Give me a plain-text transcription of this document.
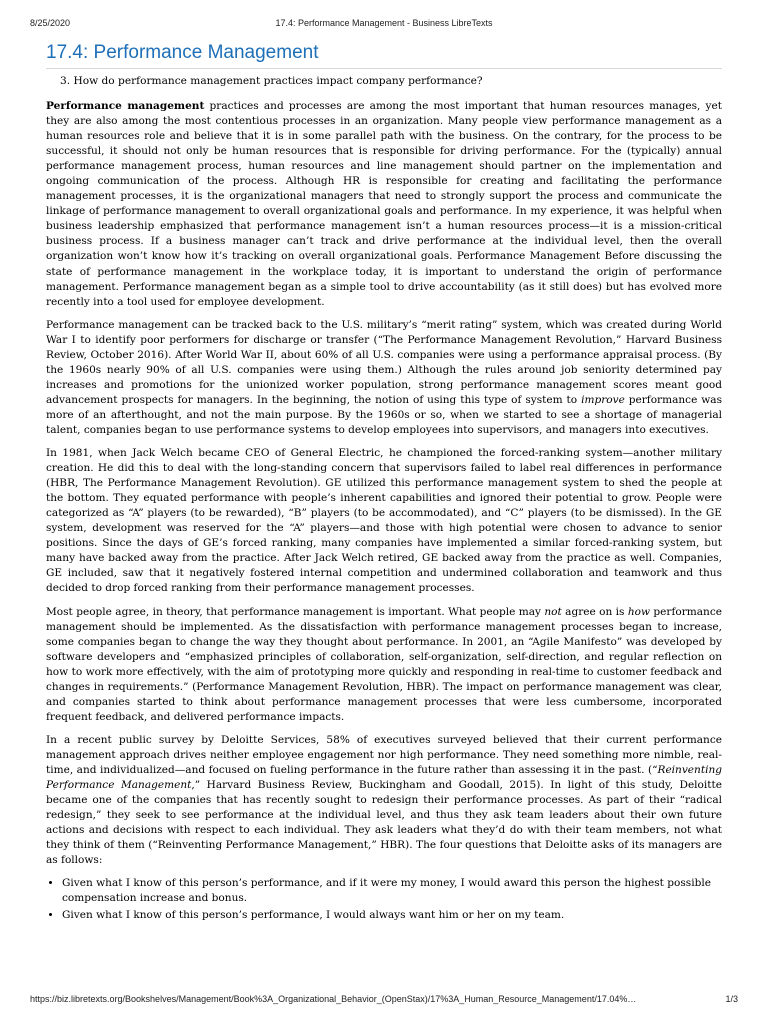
8/25/2020	17.4: Performance Management - Business LibreTexts
17.4: Performance Management
3. How do performance management practices impact company performance?

Performance management practices and processes are among the most important that human resources manages, yet they are also among the most contentious processes in an organization. Many people view performance management as a human resources role and believe that it is in some parallel path with the business. On the contrary, for the process to be successful, it should not only be human resources that is responsible for driving performance. For the (typically) annual performance management process, human resources and line management should partner on the implementation and ongoing communication of the process. Although HR is responsible for creating and facilitating the performance management processes, it is the organizational managers that need to strongly support the process and communicate the linkage of performance management to overall organizational goals and performance. In my experience, it was helpful when business leadership emphasized that performance management isn’t a human resources process—it is a mission-critical business process. If a business manager can’t track and drive performance at the individual level, then the overall organization won’t know how it’s tracking on overall organizational goals. Performance Management Before discussing the state of performance management in the workplace today, it is important to understand the origin of performance management. Performance management began as a simple tool to drive accountability (as it still does) but has evolved more recently into a tool used for employee development.

Performance management can be tracked back to the U.S. military’s “merit rating” system, which was created during World War I to identify poor performers for discharge or transfer (“The Performance Management Revolution,” Harvard Business Review, October 2016). After World War II, about 60% of all U.S. companies were using a performance appraisal process. (By the 1960s nearly 90% of all U.S. companies were using them.) Although the rules around job seniority determined pay increases and promotions for the unionized worker population, strong performance management scores meant good advancement prospects for managers. In the beginning, the notion of using this type of system to improve performance was more of an afterthought, and not the main purpose. By the 1960s or so, when we started to see a shortage of managerial talent, companies began to use performance systems to develop employees into supervisors, and managers into executives.

In 1981, when Jack Welch became CEO of General Electric, he championed the forced-ranking system—another military creation. He did this to deal with the long-standing concern that supervisors failed to label real differences in performance (HBR, The Performance Management Revolution). GE utilized this performance management system to shed the people at the bottom. They equated performance with people’s inherent capabilities and ignored their potential to grow. People were categorized as “A” players (to be rewarded), “B” players (to be accommodated), and “C” players (to be dismissed). In the GE system, development was reserved for the “A” players—and those with high potential were chosen to advance to senior positions. Since the days of GE’s forced ranking, many companies have implemented a similar forced-ranking system, but many have backed away from the practice. After Jack Welch retired, GE backed away from the practice as well. Companies, GE included, saw that it negatively fostered internal competition and undermined collaboration and teamwork and thus decided to drop forced ranking from their performance management processes.

Most people agree, in theory, that performance management is important. What people may not agree on is how performance management should be implemented. As the dissatisfaction with performance management processes began to increase, some companies began to change the way they thought about performance. In 2001, an “Agile Manifesto” was developed by software developers and “emphasized principles of collaboration, self-organization, self-direction, and regular reflection on how to work more effectively, with the aim of prototyping more quickly and responding in real-time to customer feedback and changes in requirements.” (Performance Management Revolution, HBR). The impact on performance management was clear, and companies started to think about performance management processes that were less cumbersome, incorporated frequent feedback, and delivered performance impacts.

In a recent public survey by Deloitte Services, 58% of executives surveyed believed that their current performance management approach drives neither employee engagement nor high performance. They need something more nimble, real-time, and individualized—and focused on fueling performance in the future rather than assessing it in the past. (“Reinventing Performance Management,” Harvard Business Review, Buckingham and Goodall, 2015). In light of this study, Deloitte became one of the companies that has recently sought to redesign their performance processes. As part of their “radical redesign,” they seek to see performance at the individual level, and thus they ask team leaders about their own future actions and decisions with respect to each individual. They ask leaders what they’d do with their team members, not what they think of them (“Reinventing Performance Management,” HBR). The four questions that Deloitte asks of its managers are as follows:

• Given what I know of this person’s performance, and if it were my money, I would award this person the highest possible compensation increase and bonus.
• Given what I know of this person’s performance, I would always want him or her on my team.
https://biz.libretexts.org/Bookshelves/Management/Book%3A_Organizational_Behavior_(OpenStax)/17%3A_Human_Resource_Management/17.04%…	1/3
